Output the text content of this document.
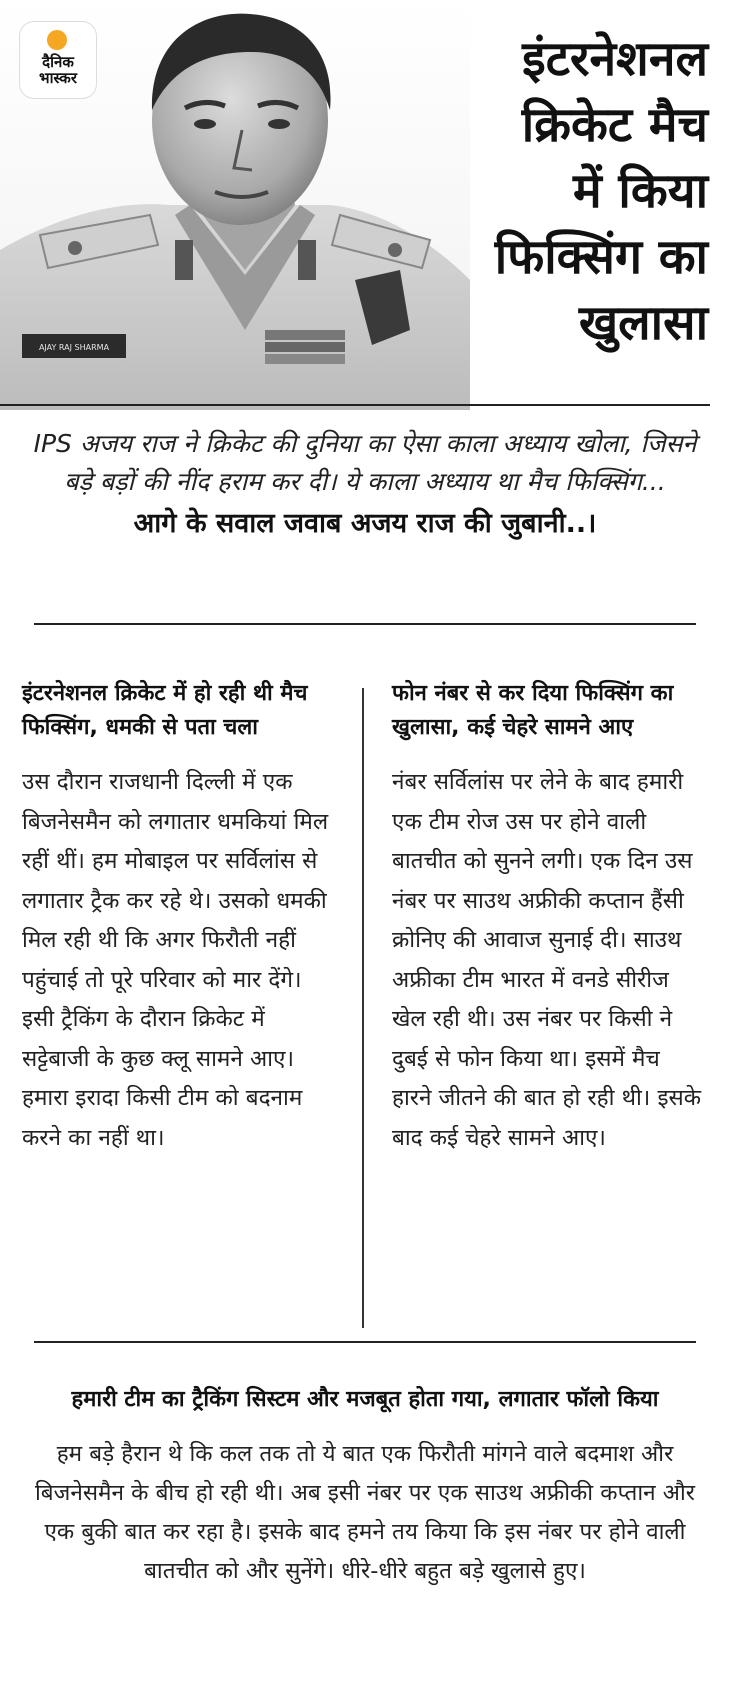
AJAY RAJ SHARMA
दैनिक
भास्कर	इंटरनेशनल
क्रिकेट मैच
में किया
फिक्सिंग का
खुलासा
IPS अजय राज ने क्रिकेट की दुनिया का ऐसा काला अध्याय खोला, जिसने बड़े बड़ों की नींद हराम कर दी। ये काला अध्याय था मैच फिक्सिंग...
आगे के सवाल जवाब अजय राज की जुबानी..।
इंटरनेशनल क्रिकेट में हो रही थी मैच फिक्सिंग, धमकी से पता चला

उस दौरान राजधानी दिल्ली में एक बिजनेसमैन को लगातार धमकियां मिल रहीं थीं। हम मोबाइल पर सर्विलांस से लगातार ट्रैक कर रहे थे। उसको धमकी मिल रही थी कि अगर फिरौती नहीं पहुंचाई तो पूरे परिवार को मार देंगे। इसी ट्रैकिंग के दौरान क्रिकेट में सट्टेबाजी के कुछ क्लू सामने आए। हमारा इरादा किसी टीम को बदनाम करने का नहीं था।

फोन नंबर से कर दिया फिक्सिंग का खुलासा, कई चेहरे सामने आए

नंबर सर्विलांस पर लेने के बाद हमारी एक टीम रोज उस पर होने वाली बातचीत को सुनने लगी। एक दिन उस नंबर पर साउथ अफ्रीकी कप्तान हैंसी क्रोनिए की आवाज सुनाई दी। साउथ अफ्रीका टीम भारत में वनडे सीरीज खेल रही थी। उस नंबर पर किसी ने दुबई से फोन किया था। इसमें मैच हारने जीतने की बात हो रही थी। इसके बाद कई चेहरे सामने आए।

हमारी टीम का ट्रैकिंग सिस्टम और मजबूत होता गया, लगातार फॉलो किया

हम बड़े हैरान थे कि कल तक तो ये बात एक फिरौती मांगने वाले बदमाश और बिजनेसमैन के बीच हो रही थी। अब इसी नंबर पर एक साउथ अफ्रीकी कप्तान और एक बुकी बात कर रहा है। इसके बाद हमने तय किया कि इस नंबर पर होने वाली बातचीत को और सुनेंगे। धीरे-धीरे बहुत बड़े खुलासे हुए।
